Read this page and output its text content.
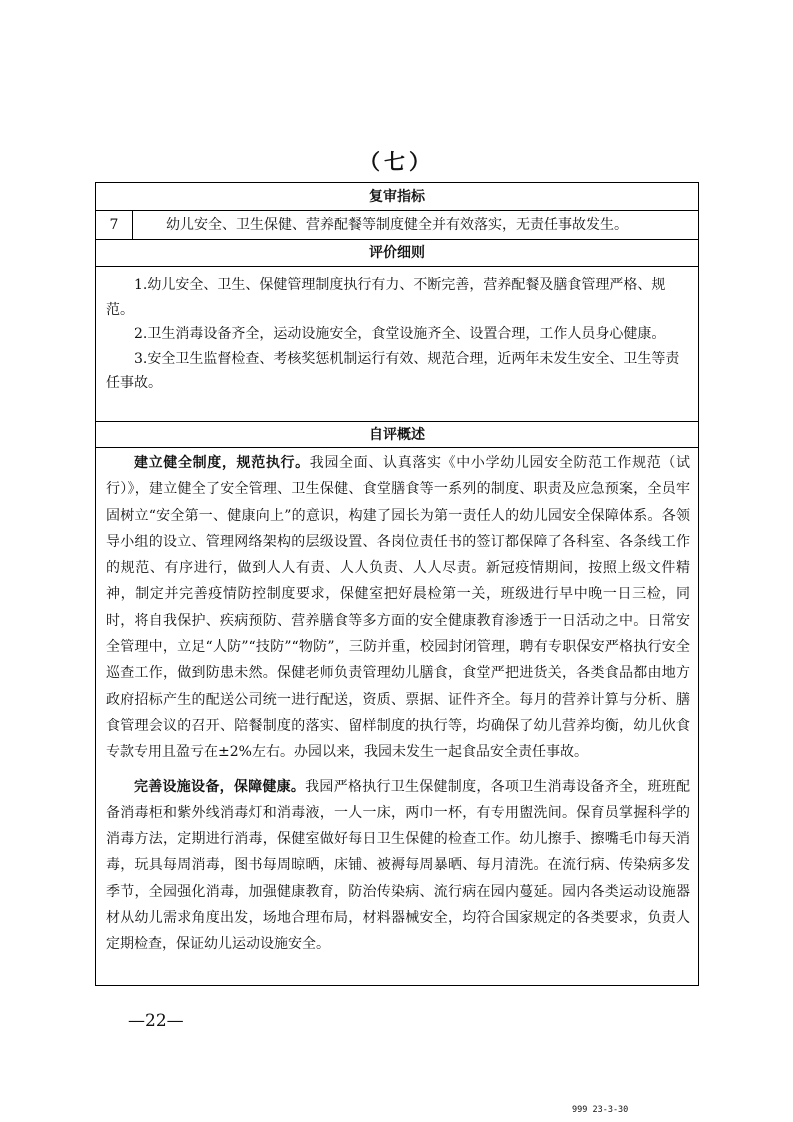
（七）
复审指标
7	幼儿安全、卫生保健、营养配餐等制度健全并有效落实，无责任事故发生。
评价细则

1.幼儿安全、卫生、保健管理制度执行有力、不断完善，营养配餐及膳食管理严格、规范。

2.卫生消毒设备齐全，运动设施安全，食堂设施齐全、设置合理，工作人员身心健康。

3.安全卫生监督检查、考核奖惩机制运行有效、规范合理，近两年未发生安全、卫生等责任事故。

自评概述

建立健全制度，规范执行。我园全面、认真落实《中小学幼儿园安全防范工作规范（试行）》，建立健全了安全管理、卫生保健、食堂膳食等一系列的制度、职责及应急预案，全员牢固树立“安全第一、健康向上”的意识，构建了园长为第一责任人的幼儿园安全保障体系。各领导小组的设立、管理网络架构的层级设置、各岗位责任书的签订都保障了各科室、各条线工作的规范、有序进行，做到人人有责、人人负责、人人尽责。新冠疫情期间，按照上级文件精神，制定并完善疫情防控制度要求，保健室把好晨检第一关，班级进行早中晚一日三检，同时，将自我保护、疾病预防、营养膳食等多方面的安全健康教育渗透于一日活动之中。日常安全管理中，立足“人防”“技防”“物防”，三防并重，校园封闭管理，聘有专职保安严格执行安全巡查工作，做到防患未然。保健老师负责管理幼儿膳食，食堂严把进货关，各类食品都由地方政府招标产生的配送公司统一进行配送，资质、票据、证件齐全。每月的营养计算与分析、膳食管理会议的召开、陪餐制度的落实、留样制度的执行等，均确保了幼儿营养均衡，幼儿伙食专款专用且盈亏在±2%左右。办园以来，我园未发生一起食品安全责任事故。

完善设施设备，保障健康。我园严格执行卫生保健制度，各项卫生消毒设备齐全，班班配备消毒柜和紫外线消毒灯和消毒液，一人一床，两巾一杯，有专用盥洗间。保育员掌握科学的消毒方法，定期进行消毒，保健室做好每日卫生保健的检查工作。幼儿擦手、擦嘴毛巾每天消毒，玩具每周消毒，图书每周晾晒，床铺、被褥每周暴晒、每月清洗。在流行病、传染病多发季节，全园强化消毒，加强健康教育，防治传染病、流行病在园内蔓延。园内各类运动设施器材从幼儿需求角度出发，场地合理布局，材料器械安全，均符合国家规定的各类要求，负责人定期检查，保证幼儿运动设施安全。

—22—
999 23-3-30
